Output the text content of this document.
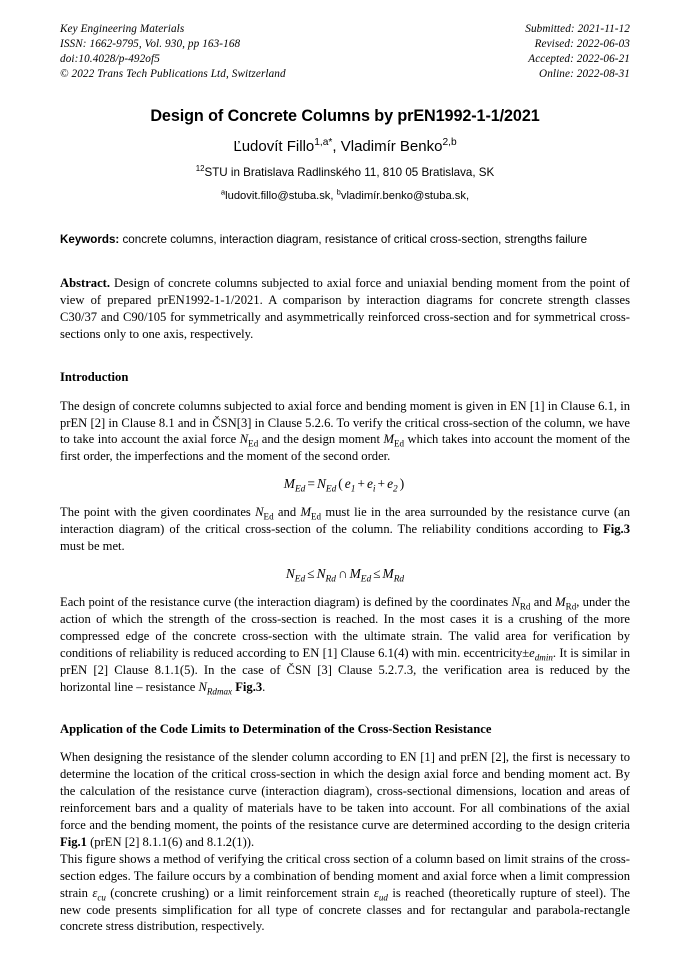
Key Engineering Materials
ISSN: 1662-9795, Vol. 930, pp 163-168
doi:10.4028/p-492of5
© 2022 Trans Tech Publications Ltd, Switzerland
Submitted: 2021-11-12
Revised: 2022-06-03
Accepted: 2022-06-21
Online: 2022-08-31
Design of Concrete Columns by prEN1992-1-1/2021
Ľudovít Fillo$^{1,a*}$, Vladimír Benko$^{2,b}$
$^{12}$STU in Bratislava Radlinského 11, 810 05 Bratislava, SK
$^a$ludovit.fillo@stuba.sk, $^b$vladimír.benko@stuba.sk,
Keywords: concrete columns, interaction diagram, resistance of critical cross-section, strengths failure
Abstract. Design of concrete columns subjected to axial force and uniaxial bending moment from the point of view of prepared prEN1992-1-1/2021. A comparison by interaction diagrams for concrete strength classes C30/37 and C90/105 for symmetrically and asymmetrically reinforced cross-section and for symmetrical cross-sections only to one axis, respectively.
Introduction

The design of concrete columns subjected to axial force and bending moment is given in EN [1] in Clause 6.1, in prEN [2] in Clause 8.1 and in ČSN[3] in Clause 5.2.6. To verify the critical cross-section of the column, we have to take into account the axial force $N_{Ed}$ and the design moment $M_{Ed}$ which takes into account the moment of the first order, the imperfections and the moment of the second order.

$M_{Ed} = N_{Ed}$ ( $e_1 + e_i + e_2$ )

The point with the given coordinates $N_{Ed}$ and $M_{Ed}$ must lie in the area surrounded by the resistance curve (an interaction diagram) of the critical cross-section of the column. The reliability conditions according to Fig.3 must be met.

$N_{Ed} \le N_{Rd}$ ∩ $M_{Ed} \le M_{Rd}$

Each point of the resistance curve (the interaction diagram) is defined by the coordinates $N_{Rd}$ and $M_{Rd}$, under the action of which the strength of the cross-section is reached. In the most cases it is a crushing of the more compressed edge of the concrete cross-section with the ultimate strain. The valid area for verification by conditions of reliability is reduced according to EN [1] Clause 6.1(4) with min. $eccentricity\pm e_{dmin}$. It is similar in prEN [2] Clause 8.1.1(5). In the case of ČSN [3] Clause 5.2.7.3, the verification area is reduced by the horizontal line – resistance $N_{Rdmax}$ Fig.3.

Application of the Code Limits to Determination of the Cross-Section Resistance

When designing the resistance of the slender column according to EN [1] and prEN [2], the first is necessary to determine the location of the critical cross-section in which the design axial force and bending moment act. By the calculation of the resistance curve (interaction diagram), cross-sectional dimensions, location and areas of reinforcement bars and a quality of materials have to be taken into account. For all combinations of the axial force and the bending moment, the points of the resistance curve are determined according to the design criteria Fig.1 (prEN [2] 8.1.1(6) and 8.1.2(1)).

This figure shows a method of verifying the critical cross section of a column based on limit strains of the cross-section edges. The failure occurs by a combination of bending moment and axial force when a limit compression strain $\varepsilon_{cu}$ (concrete crushing) or a limit reinforcement strain $\varepsilon_{ud}$ is reached (theoretically rupture of steel). The new code presents simplification for all type of concrete classes and for rectangular and parabola-rectangle concrete stress distribution, respectively.
